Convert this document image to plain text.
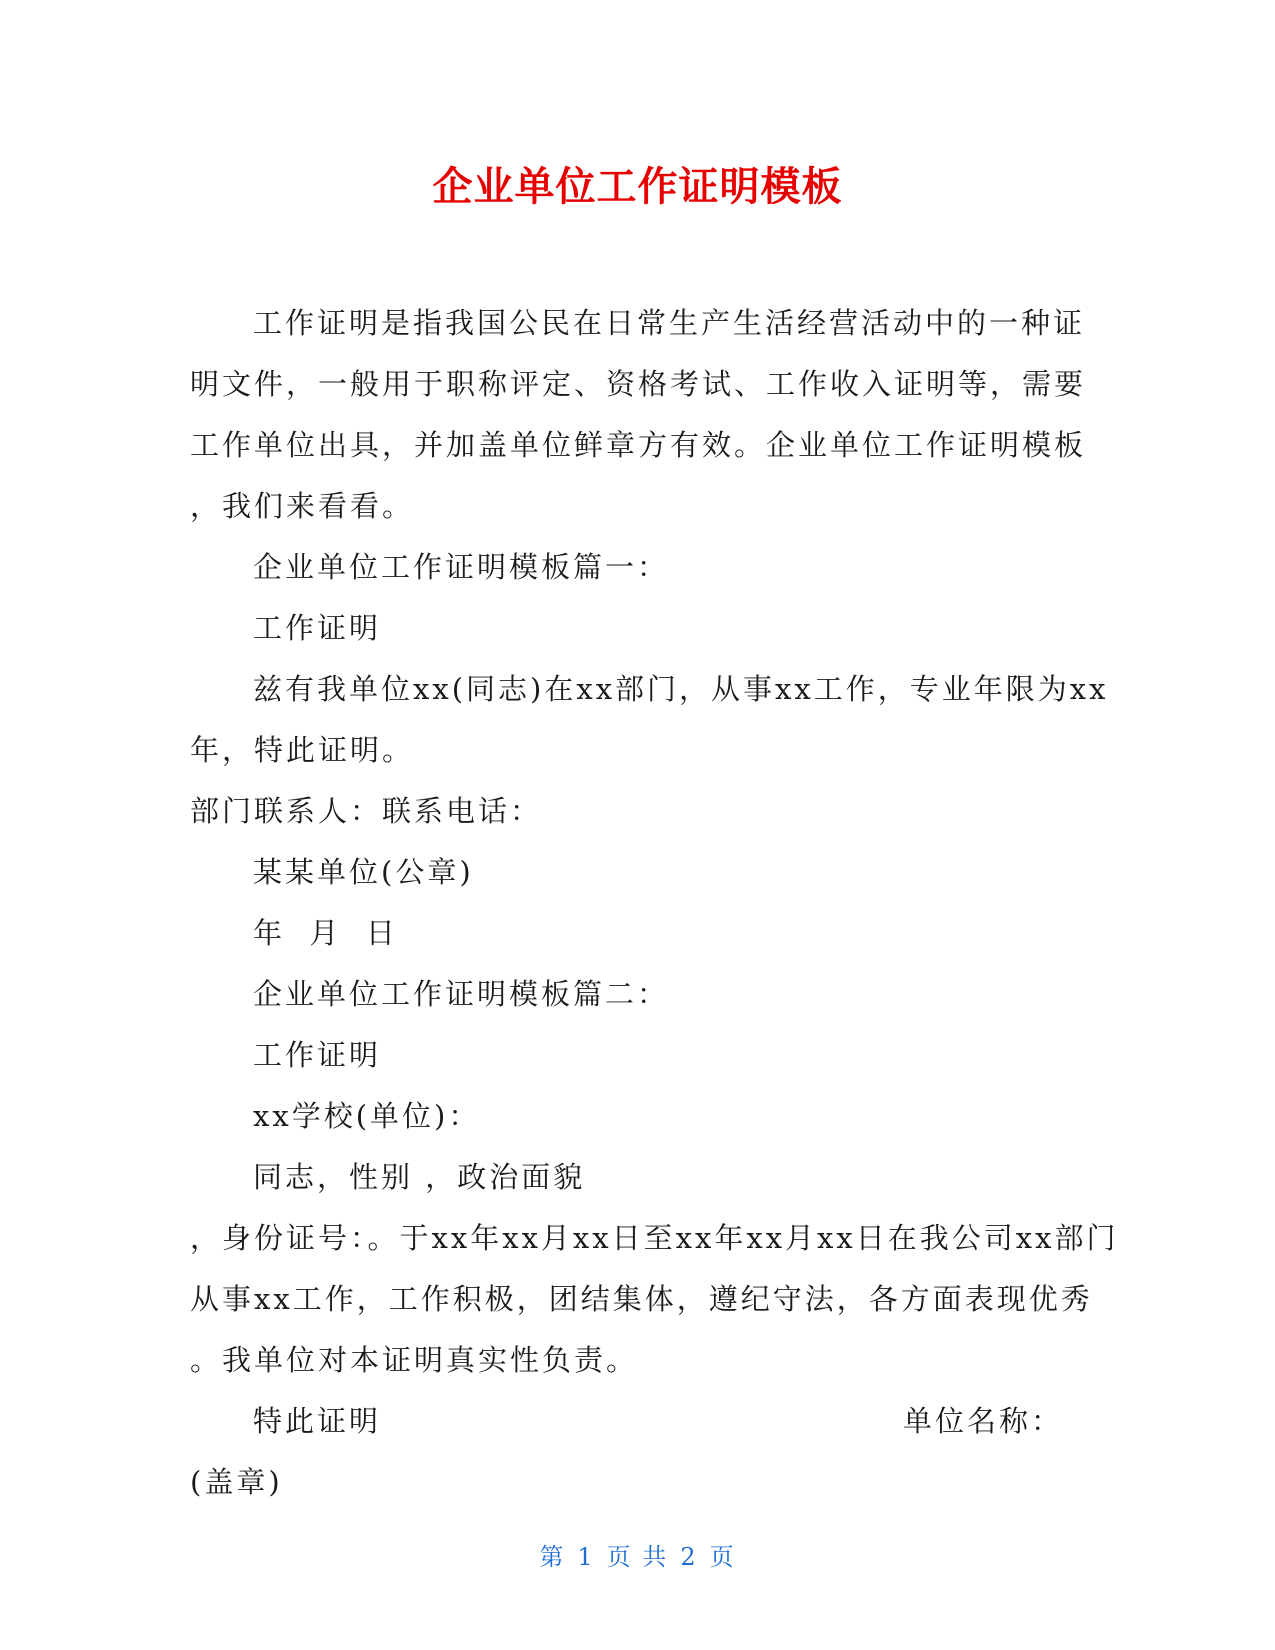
企业单位工作证明模板
工作证明是指我国公民在日常生产生活经营活动中的一种证
明文件，一般用于职称评定、资格考试、工作收入证明等，需要
工作单位出具，并加盖单位鲜章方有效。企业单位工作证明模板
，我们来看看。
企业单位工作证明模板篇一：
工作证明
兹有我单位xx(同志)在xx部门，从事xx工作，专业年限为xx
年，特此证明。
部门联系人：联系电话：
某某单位(公章)
年  月  日
企业单位工作证明模板篇二：
工作证明
xx学校(单位)：
同志，性别 ，政治面貌
，身份证号：。于xx年xx月xx日至xx年xx月xx日在我公司xx部门
从事xx工作，工作积极，团结集体，遵纪守法，各方面表现优秀
。我单位对本证明真实性负责。
特此证明	单位名称：
(盖章)
第 1 页 共 2 页
